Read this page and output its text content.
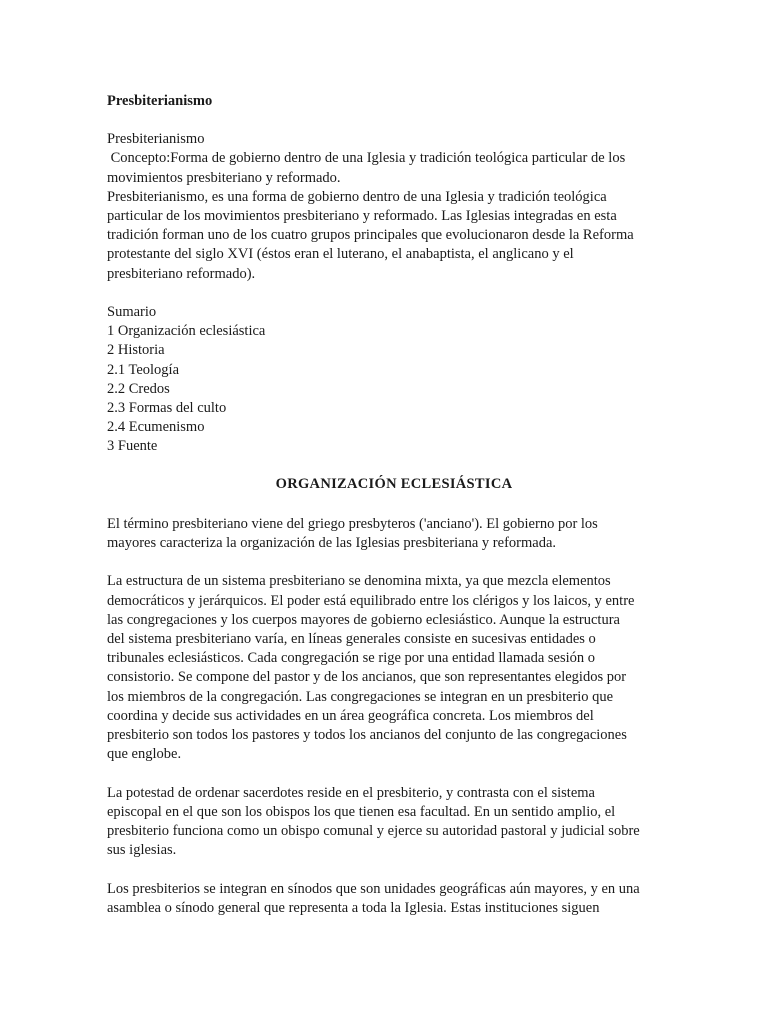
Presbiterianismo
Presbiterianismo
Concepto:Forma de gobierno dentro de una Iglesia y tradición teológica particular de los
movimientos presbiteriano y reformado.
Presbiterianismo, es una forma de gobierno dentro de una Iglesia y tradición teológica
particular de los movimientos presbiteriano y reformado. Las Iglesias integradas en esta
tradición forman uno de los cuatro grupos principales que evolucionaron desde la Reforma
protestante del siglo XVI (éstos eran el luterano, el anabaptista, el anglicano y el
presbiteriano reformado).
Sumario
1 Organización eclesiástica
2 Historia
2.1 Teología
2.2 Credos
2.3 Formas del culto
2.4 Ecumenismo
3 Fuente
ORGANIZACIÓN ECLESIÁSTICA
El término presbiteriano viene del griego presbyteros ('anciano'). El gobierno por los
mayores caracteriza la organización de las Iglesias presbiteriana y reformada.
La estructura de un sistema presbiteriano se denomina mixta, ya que mezcla elementos
democráticos y jerárquicos. El poder está equilibrado entre los clérigos y los laicos, y entre
las congregaciones y los cuerpos mayores de gobierno eclesiástico. Aunque la estructura
del sistema presbiteriano varía, en líneas generales consiste en sucesivas entidades o
tribunales eclesiásticos. Cada congregación se rige por una entidad llamada sesión o
consistorio. Se compone del pastor y de los ancianos, que son representantes elegidos por
los miembros de la congregación. Las congregaciones se integran en un presbiterio que
coordina y decide sus actividades en un área geográfica concreta. Los miembros del
presbiterio son todos los pastores y todos los ancianos del conjunto de las congregaciones
que englobe.
La potestad de ordenar sacerdotes reside en el presbiterio, y contrasta con el sistema
episcopal en el que son los obispos los que tienen esa facultad. En un sentido amplio, el
presbiterio funciona como un obispo comunal y ejerce su autoridad pastoral y judicial sobre
sus iglesias.
Los presbiterios se integran en sínodos que son unidades geográficas aún mayores, y en una
asamblea o sínodo general que representa a toda la Iglesia. Estas instituciones siguen
